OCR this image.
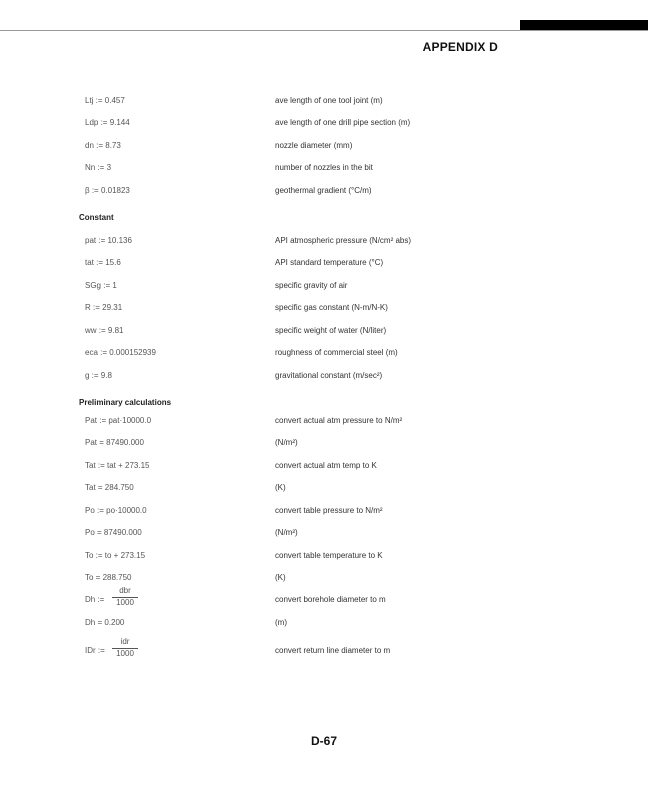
APPENDIX D
Ltj := 0.457	ave length of one tool joint (m)
Ldp := 9.144	ave length of one drill pipe section (m)
dn := 8.73	nozzle diameter (mm)
Nn := 3	number of nozzles in the bit
β := 0.01823	geothermal gradient (°C/m)
Constant
pat := 10.136	API atmospheric pressure (N/cm² abs)
tat := 15.6	API standard temperature (°C)
SGg := 1	specific gravity of air
R := 29.31	specific gas constant (N-m/N-K)
ww := 9.81	specific weight of water (N/liter)
eca := 0.000152939	roughness of commercial steel (m)
g := 9.8	gravitational constant (m/sec²)
Preliminary calculations
Pat := pat·10000.0	convert actual atm pressure to N/m²
Pat = 87490.000	(N/m²)
Tat := tat + 273.15	convert actual atm temp to K
Tat = 284.750	(K)
Po := po·10000.0	convert table pressure to N/m²
Po = 87490.000	(N/m²)
To := to + 273.15	convert table temperature to K
To = 288.750	(K)
Dh :=
dbr
1000	convert borehole diameter to m
Dh = 0.200	(m)
IDr :=
idr
1000	convert return line diameter to m
D-67
